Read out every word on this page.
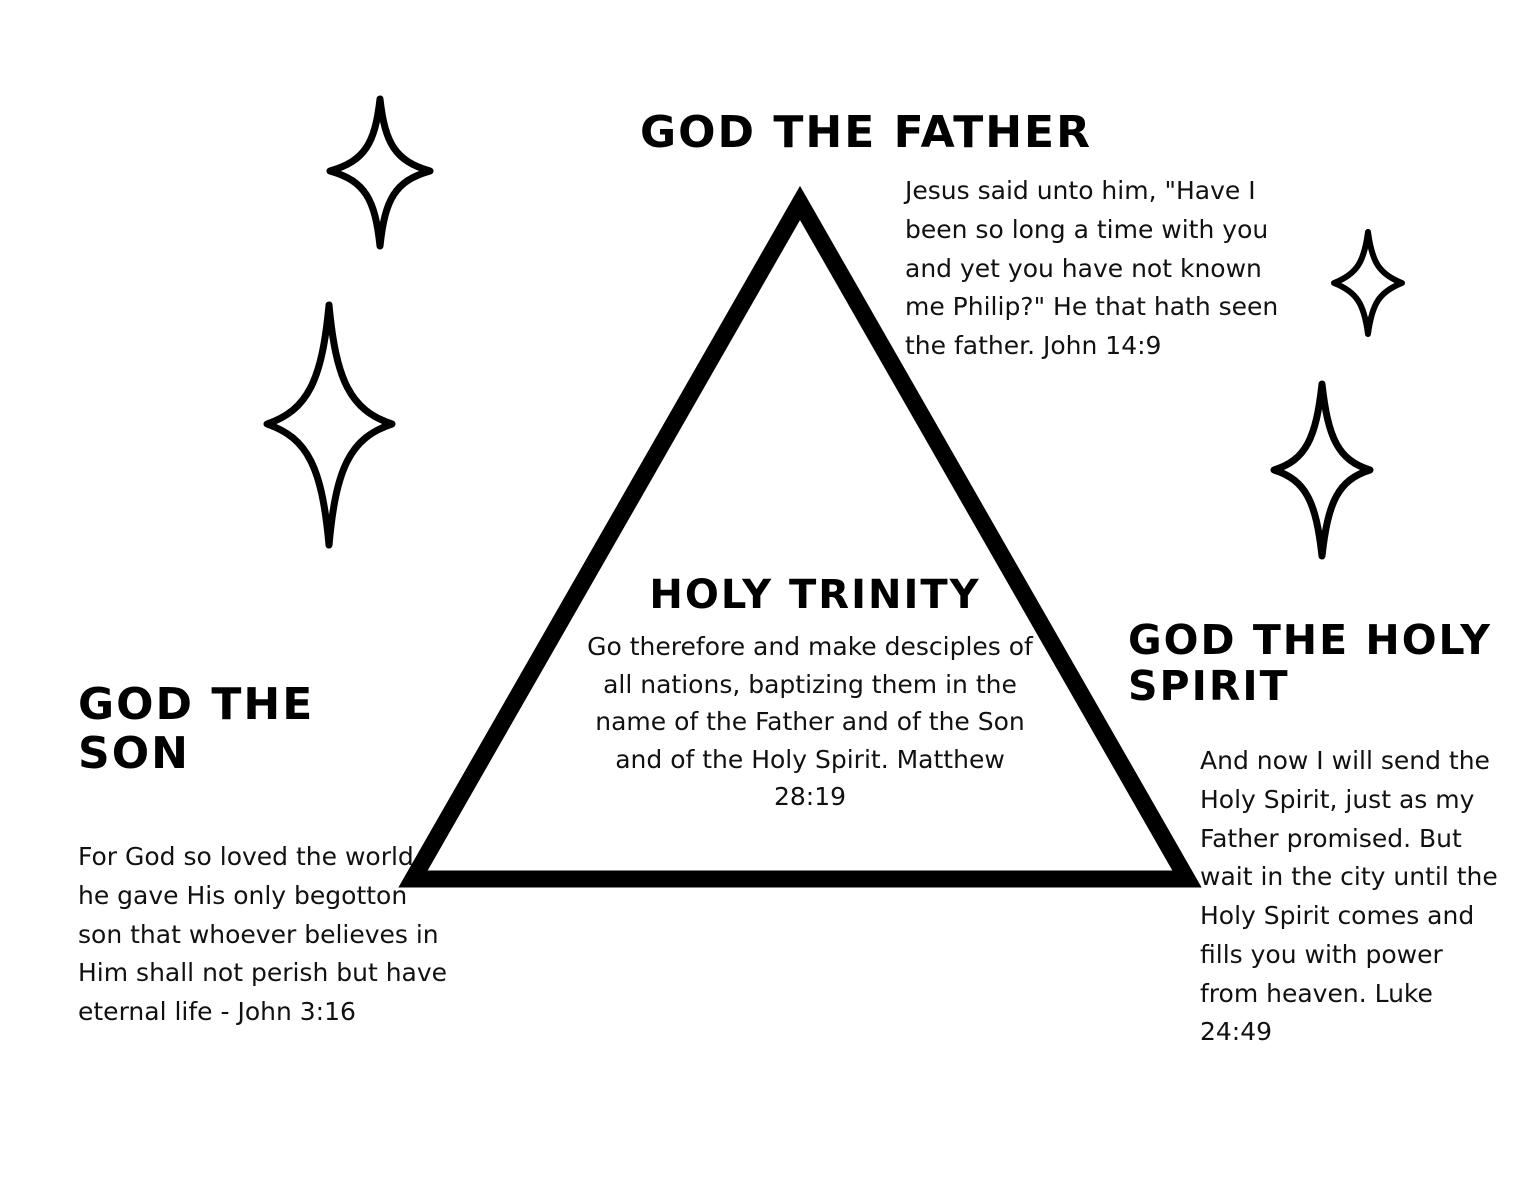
GOD THE FATHER
Jesus said unto him, "Have I been so long a time with you and yet you have not known me Philip?" He that hath seen the father. John 14:9
GOD THE SON
For God so loved the world he gave His only begotton son that whoever believes in Him shall not perish but have eternal life - John 3:16
GOD THE HOLY SPIRIT
And now I will send the Holy Spirit, just as my Father promised. But wait in the city until the Holy Spirit comes and fills you with power from heaven. Luke 24:49
HOLY TRINITY
Go therefore and make desciples of all nations, baptizing them in the name of the Father and of the Son and of the Holy Spirit. Matthew 28:19
